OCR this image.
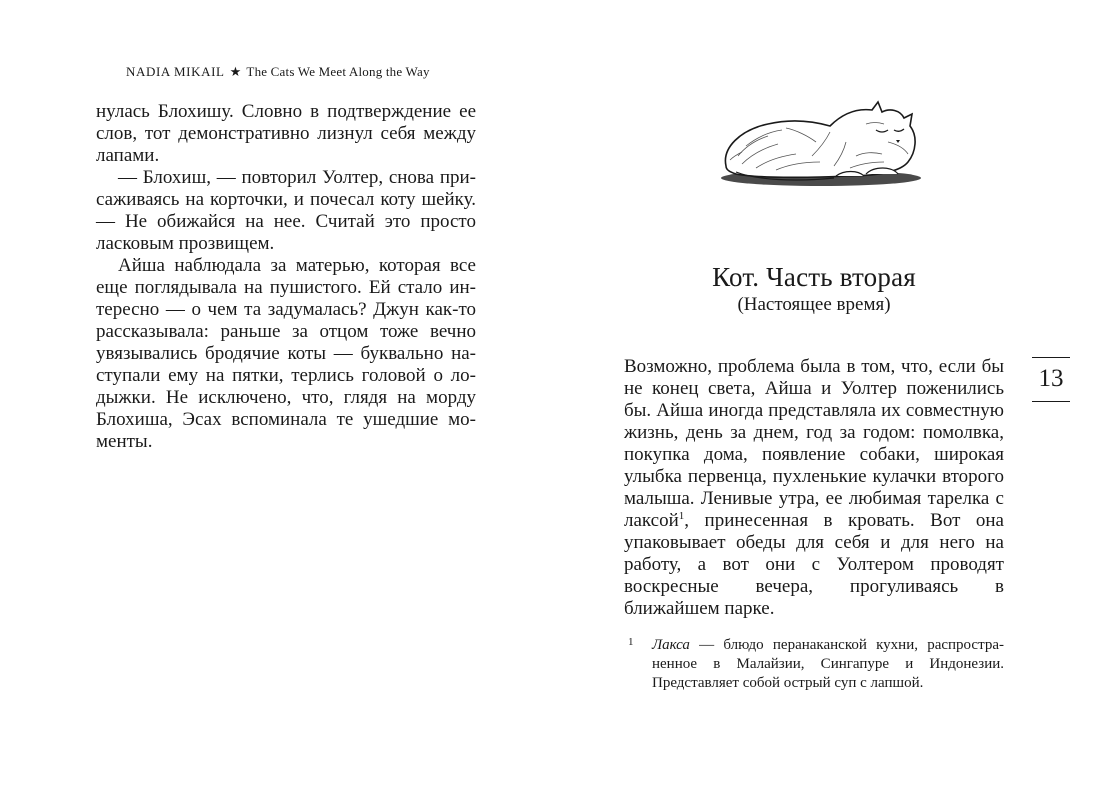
NADIA MIKAIL ★ The Cats We Meet Along the Way

нулась Блохишу. Словно в подтверждение ее слов, тот демонстративно лизнул себя между лапами.

— Блохиш, — повторил Уолтер, снова присаживаясь на корточки, и почесал коту шейку. — Не обижайся на нее. Считай это просто ласковым прозвищем.

Айша наблюдала за матерью, которая все еще поглядывала на пушистого. Ей стало интересно — о чем та задумалась? Джун как-то рассказывала: раньше за отцом тоже вечно увязывались бродячие коты — буквально наступали ему на пятки, терлись головой о лодыжки. Не исключено, что, глядя на морду Блохиша, Эсах вспоминала те ушедшие моменты.

Кот. Часть вторая
(Настоящее время)

Возможно, проблема была в том, что, если бы не конец света, Айша и Уолтер поженились бы. Айша иногда представляла их совместную жизнь, день за днем, год за годом: помолвка, покупка дома, появление собаки, широкая улыбка первенца, пухленькие кулачки второго малыша. Ленивые утра, ее любимая тарелка с лаксой$^1$, принесенная в кровать. Вот она упаковывает обеды для себя и для него на работу, а вот они с Уолтером проводят воскресные вечера, прогуливаясь в ближайшем парке.

1 Лакса — блюдо перанаканской кухни, распространенное в Малайзии, Сингапуре и Индонезии. Представляет собой острый суп с лапшой.
13
